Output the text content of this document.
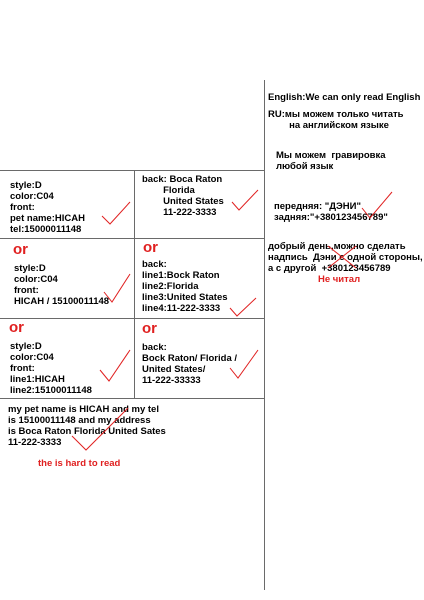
style:D
color:C04
front:
pet name:HICAH
tel:15000011148
back: Boca Raton
Florida
United States
11-222-3333
or	or
or	or
style:D
color:C04
front:
HICAH / 15100011148
back:
line1:Bock Raton
line2:Florida
line3:United States
line4:11-222-3333
style:D
color:C04
front:
line1:HICAH
line2:15100011148
back:
Bock Raton/ Florida /
United States/
11-222-33333
my pet name is HICAH and my tel
is 15100011148 and my address
is Boca Raton Florida United Sates
11-222-3333
the is hard to read
English:We can only read English
RU:мы можем только читать
на английском языке
Мы можем  гравировка
любой язык
передняя: "ДЭНИ"
задняя:"+380123456789"
добрый день,можно сделать
надпись  Дэни с одной стороны,
а с другой  +380123456789
Не читал
